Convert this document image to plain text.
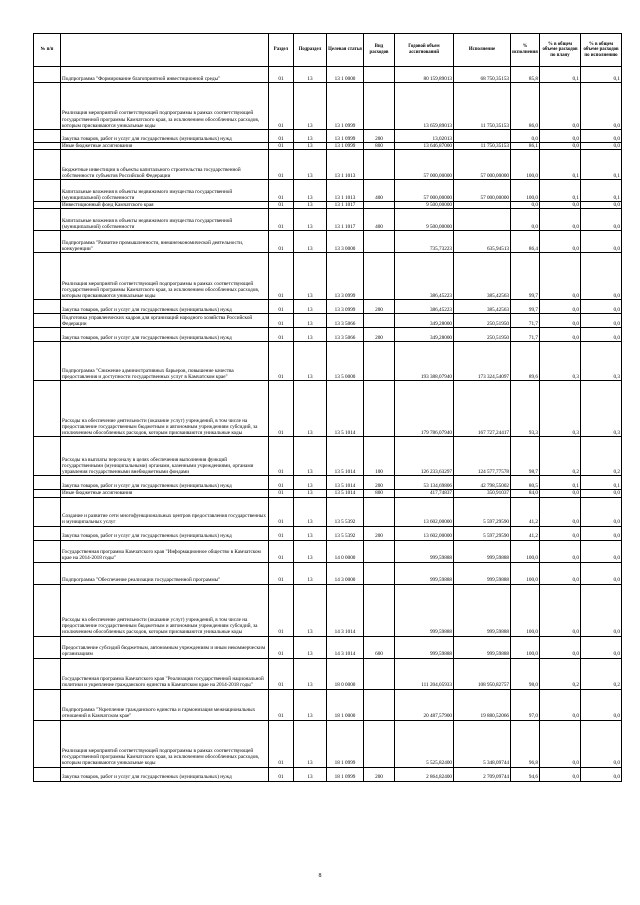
№ п/п		Раздел	Подраздел	Целевая статья	Вид расходов	Годовой объем ассигнований	Исполнение	% исполнения	% в общем объеме расходов по плану	% в общем объеме расходов по исполнению
	Подпрограмма "Формирование благоприятной инвестиционной среды"	01	13	13 1 0000		80 159,89013	68 750,35153	85,8	0,1	0,1
	Реализация мероприятий соответствующей подпрограммы в рамках соответствующей государственной программы Камчатского края, за исключением обособленных расходов, которым присваиваются уникальные коды	01	13	13 1 0999		13 659,89013	11 750,35153	86,0	0,0	0,0
	Закупка товаров, работ и услуг для государственных (муниципальных) нужд	01	13	13 1 0999	200	13,02013		0,0	0,0	0,0
	Иные бюджетные ассигнования	01	13	13 1 0999	800	13 646,87000	11 750,35153	86,1	0,0	0,0
	Бюджетные инвестиции в объекты капитального строительства государственной собственности субъектов Российской Федерации	01	13	13 1 1013		57 000,00000	57 000,00000	100,0	0,1	0,1
	Капитальные вложения в объекты недвижимого имущества государственной (муниципальной) собственности	01	13	13 1 1013	400	57 000,00000	57 000,00000	100,0	0,1	0,1
	Инвестиционный фонд Камчатского края	01	13	13 1 1017		9 500,00000		0,0	0,0	0,0
	Капитальные вложения в объекты недвижимого имущества государственной (муниципальной) собственности	01	13	13 1 1017	400	9 500,00000		0,0	0,0	0,0
	Подпрограмма "Развитие промышленности, внешнеэкономической деятельности, конкуренции"	01	13	13 3 0000		735,73223	635,94513	86,4	0,0	0,0
	Реализация мероприятий соответствующей подпрограммы в рамках соответствующей государственной программы Камчатского края, за исключением обособленных расходов, которым присваиваются уникальные коды	01	13	13 3 0999		386,45223	385,42563	99,7	0,0	0,0
	Закупка товаров, работ и услуг для государственных (муниципальных) нужд	01	13	13 3 0999	200	386,45223	385,42563	99,7	0,0	0,0
	Подготовка управленческих кадров для организаций народного хозяйства Российской Федерации	01	13	13 3 5066		349,28000	250,51950	71,7	0,0	0,0
	Закупка товаров, работ и услуг для государственных (муниципальных) нужд	01	13	13 3 5066	200	349,28000	250,51950	71,7	0,0	0,0
	Подпрограмма "Снижение административных барьеров, повышение качества предоставления и доступности государственных услуг в Камчатском крае"	01	13	13 5 0000		193 388,07940	173 324,54097	89,6	0,3	0,3
	Расходы на обеспечение деятельности (оказание услуг) учреждений, в том числе на предоставление государственным бюджетным и автономным учреждениям субсидий, за исключением обособленных расходов, которым присваиваются уникальные коды	01	13	13 5 1014		179 786,07940	167 727,24417	93,3	0,3	0,3
	Расходы на выплаты персоналу в целях обеспечения выполнения функций государственными (муниципальными) органами, казенными учреждениями, органами управления государственными внебюджетными фондами	01	13	13 5 1014	100	126 233,63297	124 577,77578	98,7	0,2	0,2
	Закупка товаров, работ и услуг для государственных (муниципальных) нужд	01	13	13 5 1014	200	53 134,69806	42 798,55002	80,5	0,1	0,1
	Иные бюджетные ассигнования	01	13	13 5 1014	800	417,74837	350,91037	84,0	0,0	0,0
	Создание и развитие сети многофункциональных центров предоставления государственных и муниципальных услуг	01	13	13 5 5392		13 602,00000	5 597,29590	41,2	0,0	0,0
	Закупка товаров, работ и услуг для государственных (муниципальных) нужд	01	13	13 5 5392	200	13 602,00000	5 597,29590	41,2	0,0	0,0
	Государственная программа Камчатского края "Информационное общество в Камчатском крае на 2014-2018 годы"	01	13	14 0 0000		999,59888	999,59888	100,0	0,0	0,0
	Подпрограмма "Обеспечение реализации государственной программы"	01	13	14 3 0000		999,59888	999,59888	100,0	0,0	0,0
	Расходы на обеспечение деятельности (оказание услуг) учреждений, в том числе на предоставление государственным бюджетным и автономным учреждениям субсидий, за исключением обособленных расходов, которым присваиваются уникальные коды	01	13	14 3 1014		999,59888	999,59888	100,0	0,0	0,0
	Предоставление субсидий бюджетным, автономным учреждениям и иным некоммерческим организациям	01	13	14 3 1014	600	999,59888	999,59888	100,0	0,0	0,0
	Государственная программа Камчатского края "Реализация государственной национальной политики и укрепление гражданского единства в Камчатском крае на 2014-2018 годы"	01	13	18 0 0000		111 204,05933	108 950,82757	98,0	0,2	0,2
	Подпрограмма "Укрепление гражданского единства и гармонизация межнациональных отношений в Камчатском крае"	01	13	18 1 0000		20 487,57900	19 880,52066	97,0	0,0	0,0
	Реализация мероприятий соответствующей подпрограммы в рамках соответствующей государственной программы Камчатского края, за исключением обособленных расходов, которым присваиваются уникальные коды	01	13	18 1 0999		5 525,82400	5 348,09744	96,8	0,0	0,0
	Закупка товаров, работ и услуг для государственных (муниципальных) нужд	01	13	18 1 0999	200	2 864,82400	2 709,09744	94,6	0,0	0,0
8
